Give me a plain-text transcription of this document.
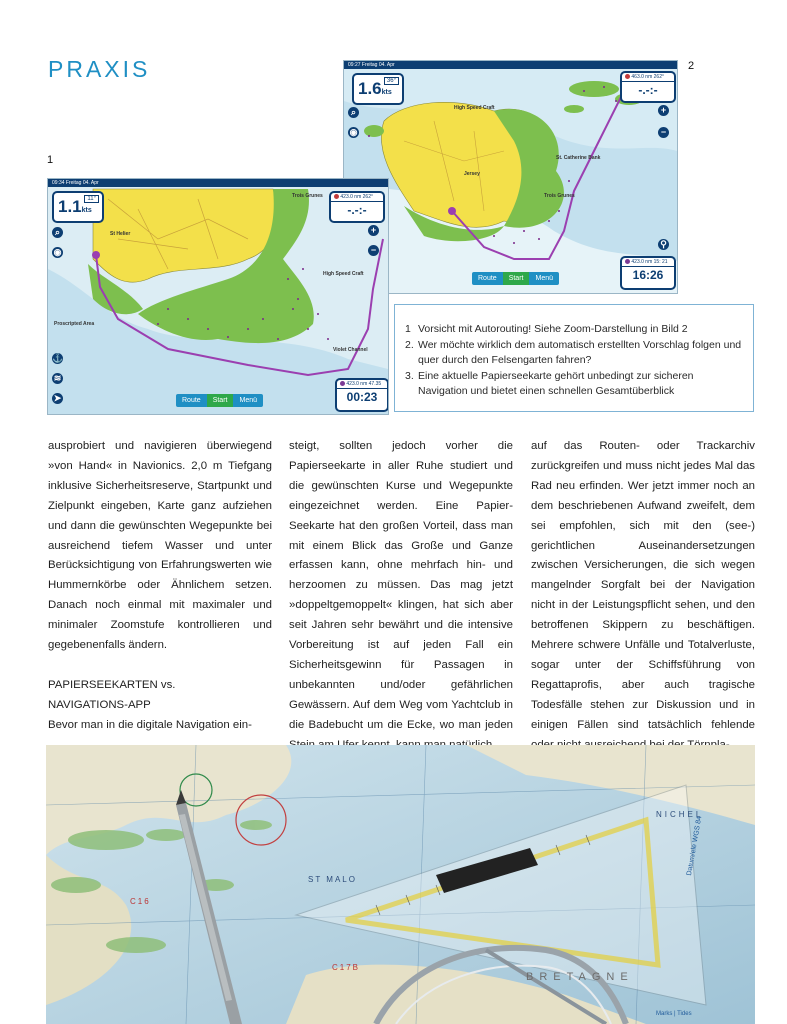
PRAXIS
1
2
09:27 Freitag 04. Apr
36°
1.6kts
463.0 nm 262°
-.-:-
+
−
⌕
◉
⚲
423.0 nm 15: 21
16:26
Route	Start	Menü
High Speed Craft
St. Catherine Bank
Jersey
Trois Grunes
09:34 Freitag 04. Apr
11°
1.1kts
423.0 nm 262°
-.-:-
+
−
⌕
◉
⚓
≋
➤
423.0 nm 47.35
00:23
Route	Start	Menü
St Helier
Trois Grunes
High Speed Craft
Violet Channel
Proscripted Area	1 Vorsicht mit Autorouting! Siehe Zoom-Darstellung in Bild 2
2. Wer möchte wirklich dem automatisch erstellten Vorschlag folgen und quer durch den Felsengarten fahren?
3. Eine aktuelle Papierseekarte gehört unbedingt zur sicheren Navigation und bietet einen schnellen Gesamtüberblick

ausprobiert und navigieren überwiegend »von Hand« in Navionics. 2,0 m Tiefgang inklusive Sicherheitsreserve, Startpunkt und Zielpunkt eingeben, Karte ganz aufziehen und dann die gewünschten Wegepunkte bei ausreichend tiefem Wasser und unter Berücksichtigung von Erfahrungswerten wie Hummernkörbe oder Ähnlichem setzen. Danach noch einmal mit maximaler und minimaler Zoomstufe kontrollieren und gegebenenfalls ändern.

PAPIERSEEKARTEN vs.

NAVIGATIONS-APP

Bevor man in die digitale Navigation ein-

steigt, sollten jedoch vorher die Papierseekarte in aller Ruhe studiert und die gewünschten Kurse und Wegepunkte eingezeichnet werden. Eine Papier-Seekarte hat den großen Vorteil, dass man mit einem Blick das Große und Ganze erfassen kann, ohne mehrfach hin- und herzoomen zu müssen. Das mag jetzt »doppeltgemoppelt« klingen, hat sich aber seit Jahren sehr bewährt und die intensive Vorbereitung ist auf jeden Fall ein Sicherheitsgewinn für Passagen in unbekannten und/oder gefährlichen Gewässern. Auf dem Weg vom Yachtclub in die Badebucht um die Ecke, wo man jeden

auf das Routen- oder Trackarchiv zurückgreifen und muss nicht jedes Mal das Rad neu erfinden. Wer jetzt immer noch an dem beschriebenen Aufwand zweifelt, dem sei empfohlen, sich mit den (see-) gerichtlichen Auseinandersetzungen zwischen Versicherungen, die sich wegen mangelnder Sorgfalt bei der Navigation nicht in der Leistungspflicht sehen, und den betroffenen Skippern zu beschäftigen. Mehrere schwere Unfälle und Totalverluste, sogar unter der Schiffsführung von Regattaprofis, aber auch tragische Todesfälle stehen zur Diskussion und in einigen Fällen sind tatsächlich fehlende

ST MALO
BRETAGNE
C16
C17B
NICHEL
Datum/ele WGS 84
Marks | Tides
